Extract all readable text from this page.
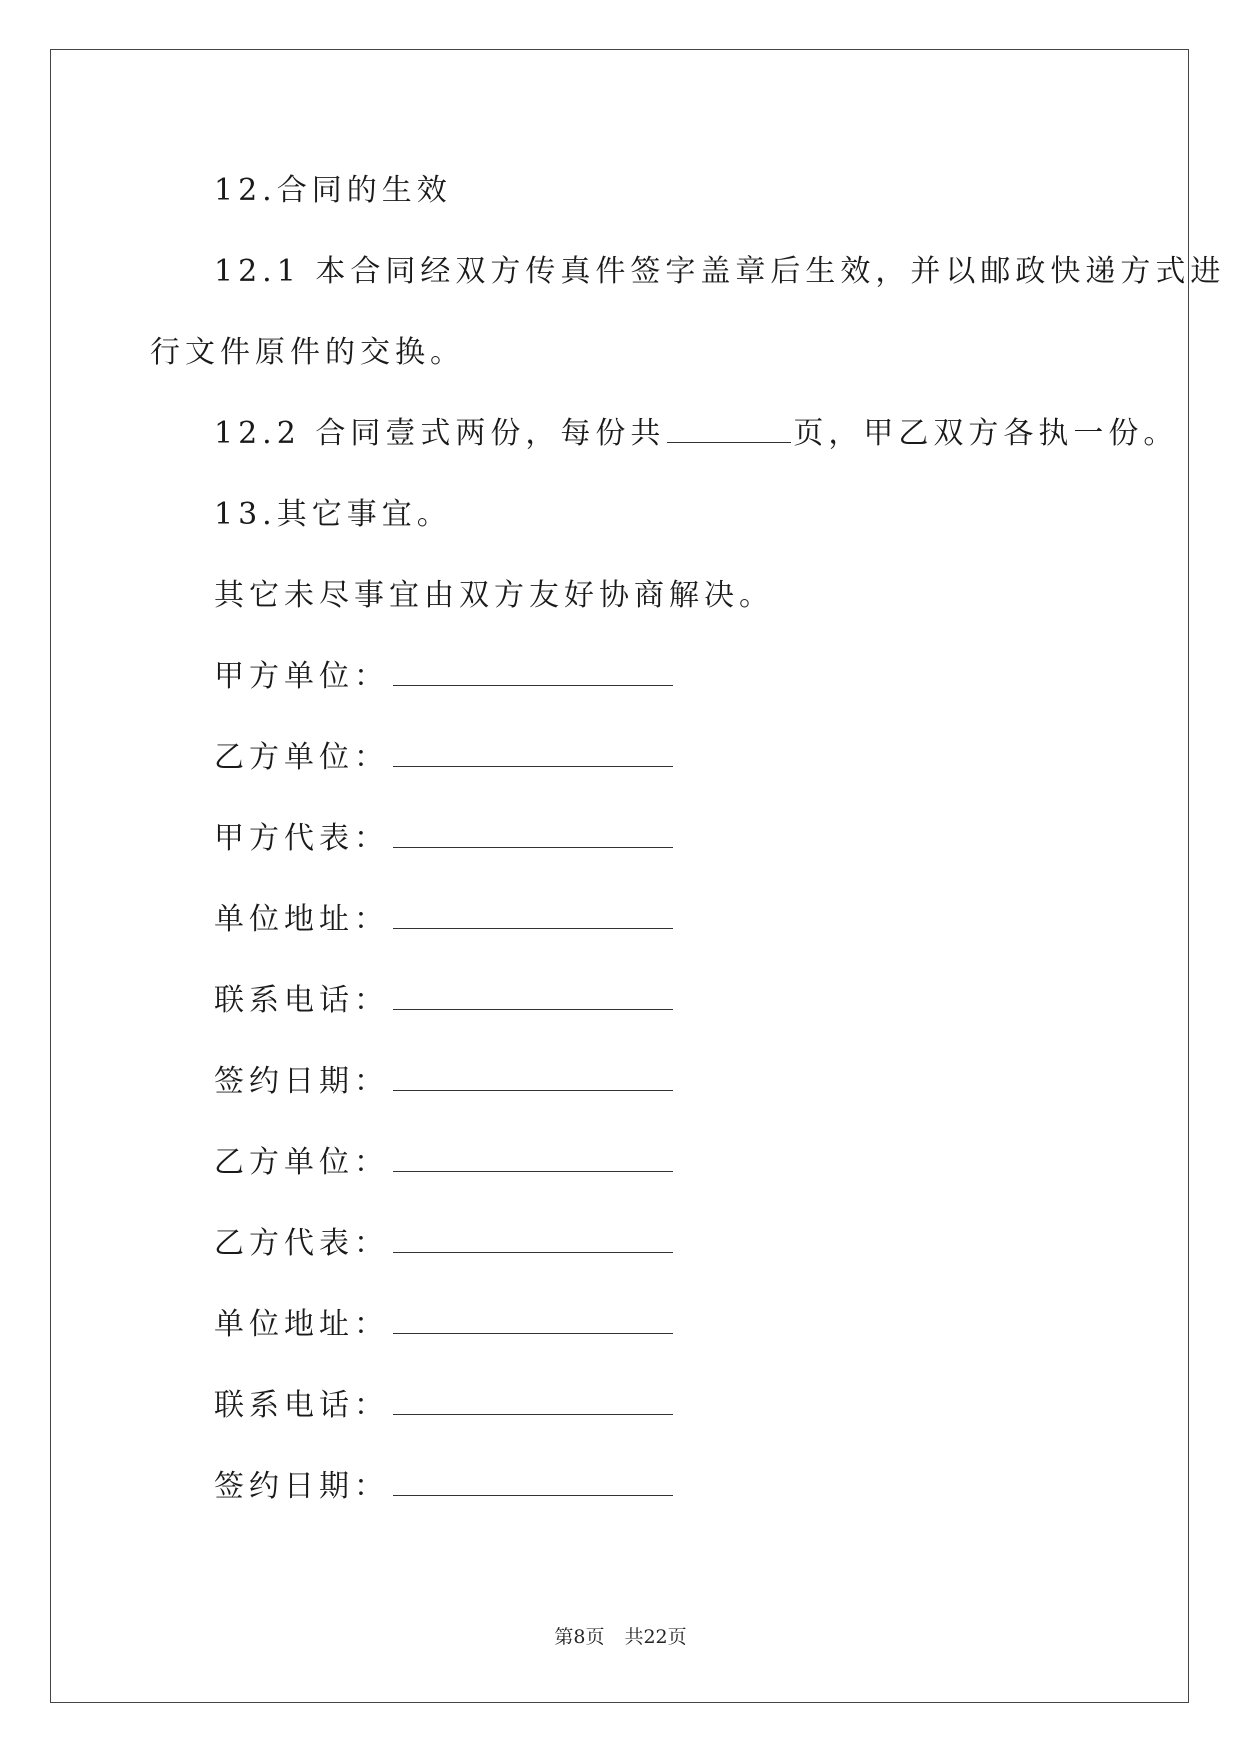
12.合同的生效
12.1 本合同经双方传真件签字盖章后生效，并以邮政快递方式进
行文件原件的交换。
12.2 合同壹式两份，每份共	页，甲乙双方各执一份。
13.其它事宜。
其它未尽事宜由双方友好协商解决。
甲方单位：
乙方单位：
甲方代表：
单位地址：
联系电话：
签约日期：
乙方单位：
乙方代表：
单位地址：
联系电话：
签约日期：
第8页 共22页
